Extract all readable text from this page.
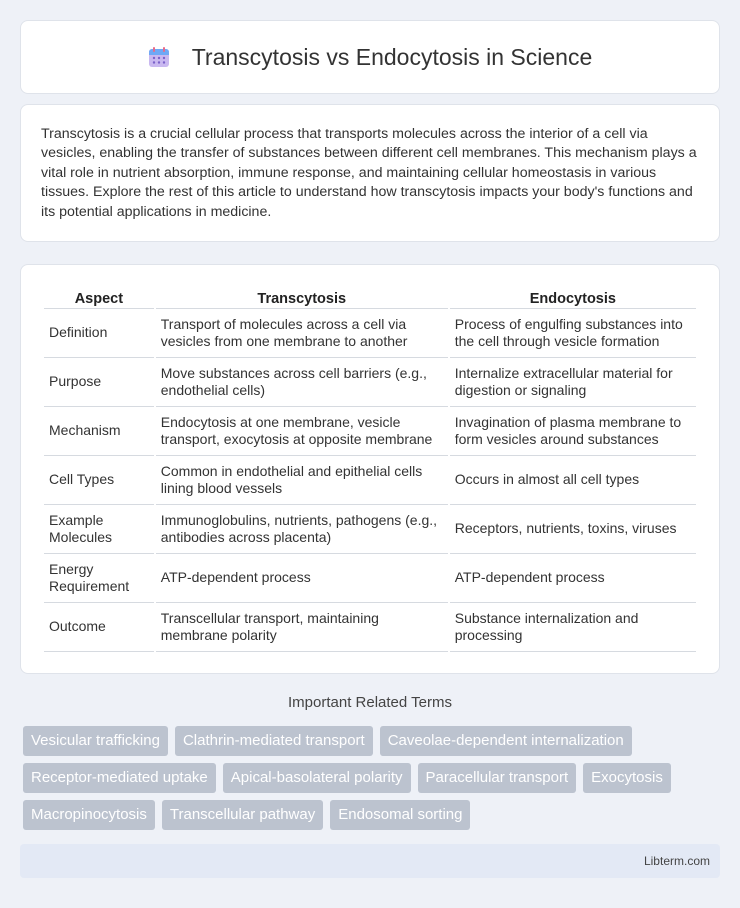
Transcytosis vs Endocytosis in Science

Transcytosis is a crucial cellular process that transports molecules across the interior of a cell via vesicles, enabling the transfer of substances between different cell membranes. This mechanism plays a vital role in nutrient absorption, immune response, and maintaining cellular homeostasis in various tissues. Explore the rest of this article to understand how transcytosis impacts your body's functions and its potential applications in medicine.

Aspect	Transcytosis	Endocytosis
Definition	Transport of molecules across a cell via vesicles from one membrane to another	Process of engulfing substances into the cell through vesicle formation
Purpose	Move substances across cell barriers (e.g., endothelial cells)	Internalize extracellular material for digestion or signaling
Mechanism	Endocytosis at one membrane, vesicle transport, exocytosis at opposite membrane	Invagination of plasma membrane to form vesicles around substances
Cell Types	Common in endothelial and epithelial cells lining blood vessels	Occurs in almost all cell types
Example Molecules	Immunoglobulins, nutrients, pathogens (e.g., antibodies across placenta)	Receptors, nutrients, toxins, viruses
Energy Requirement	ATP-dependent process	ATP-dependent process
Outcome	Transcellular transport, maintaining membrane polarity	Substance internalization and processing
Important Related Terms
Vesicular trafficking	Clathrin-mediated transport	Caveolae-dependent internalization
Receptor-mediated uptake	Apical-basolateral polarity	Paracellular transport	Exocytosis
Macropinocytosis	Transcellular pathway	Endosomal sorting
Libterm.com
